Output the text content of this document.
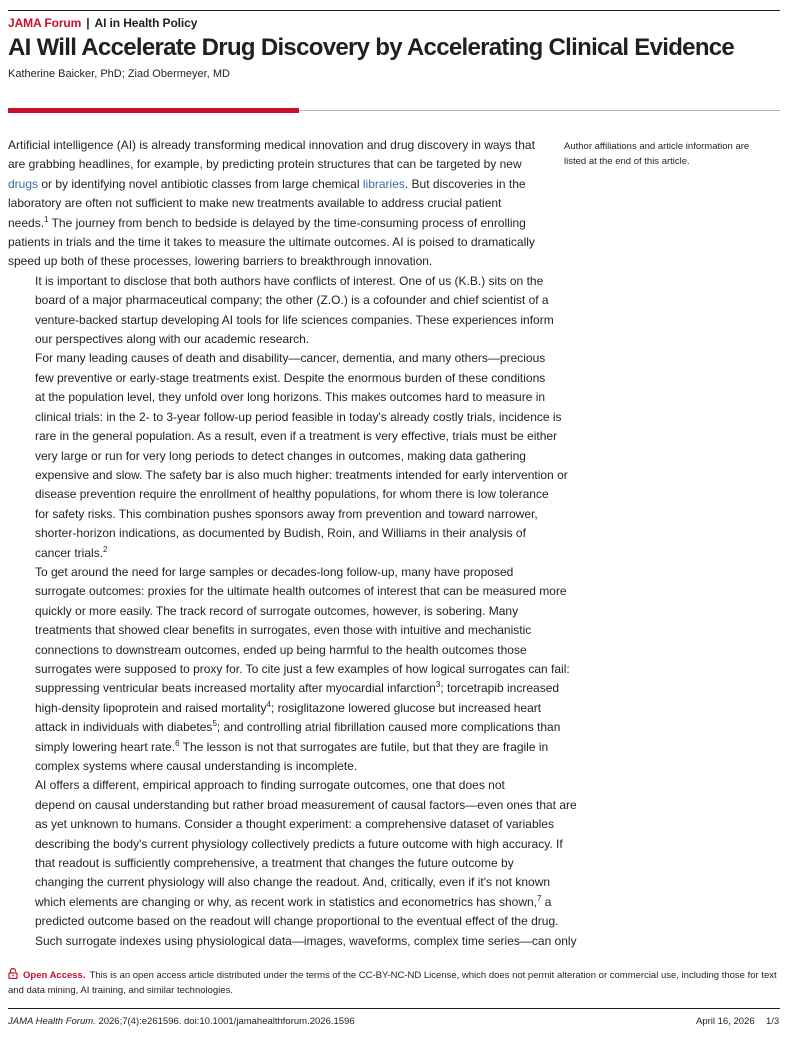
JAMA Forum | AI in Health Policy
AI Will Accelerate Drug Discovery by Accelerating Clinical Evidence
Katherine Baicker, PhD; Ziad Obermeyer, MD

Artificial intelligence (AI) is already transforming medical innovation and drug discovery in ways that
are grabbing headlines, for example, by predicting protein structures that can be targeted by new
drugs or by identifying novel antibiotic classes from large chemical libraries. But discoveries in the
laboratory are often not sufficient to make new treatments available to address crucial patient
needs.$^1$ The journey from bench to bedside is delayed by the time-consuming process of enrolling
patients in trials and the time it takes to measure the ultimate outcomes. AI is poised to dramatically
speed up both of these processes, lowering barriers to breakthrough innovation.

It is important to disclose that both authors have conflicts of interest. One of us (K.B.) sits on the
board of a major pharmaceutical company; the other (Z.O.) is a cofounder and chief scientist of a
venture-backed startup developing AI tools for life sciences companies. These experiences inform
our perspectives along with our academic research.

For many leading causes of death and disability—cancer, dementia, and many others—precious
few preventive or early-stage treatments exist. Despite the enormous burden of these conditions
at the population level, they unfold over long horizons. This makes outcomes hard to measure in
clinical trials: in the 2- to 3-year follow-up period feasible in today's already costly trials, incidence is
rare in the general population. As a result, even if a treatment is very effective, trials must be either
very large or run for very long periods to detect changes in outcomes, making data gathering
expensive and slow. The safety bar is also much higher: treatments intended for early intervention or
disease prevention require the enrollment of healthy populations, for whom there is low tolerance
for safety risks. This combination pushes sponsors away from prevention and toward narrower,
shorter-horizon indications, as documented by Budish, Roin, and Williams in their analysis of
cancer trials.$^2$

To get around the need for large samples or decades-long follow-up, many have proposed
surrogate outcomes: proxies for the ultimate health outcomes of interest that can be measured more
quickly or more easily. The track record of surrogate outcomes, however, is sobering. Many
treatments that showed clear benefits in surrogates, even those with intuitive and mechanistic
connections to downstream outcomes, ended up being harmful to the health outcomes those
surrogates were supposed to proxy for. To cite just a few examples of how logical surrogates can fail:
suppressing ventricular beats increased mortality after myocardial infarction$^3$; torcetrapib increased
high-density lipoprotein and raised mortality$^4$; rosiglitazone lowered glucose but increased heart
attack in individuals with diabetes$^5$; and controlling atrial fibrillation caused more complications than
simply lowering heart rate.$^6$ The lesson is not that surrogates are futile, but that they are fragile in
complex systems where causal understanding is incomplete.

AI offers a different, empirical approach to finding surrogate outcomes, one that does not
depend on causal understanding but rather broad measurement of causal factors—even ones that are
as yet unknown to humans. Consider a thought experiment: a comprehensive dataset of variables
describing the body's current physiology collectively predicts a future outcome with high accuracy. If
that readout is sufficiently comprehensive, a treatment that changes the future outcome by
changing the current physiology will also change the readout. And, critically, even if it's not known
which elements are changing or why, as recent work in statistics and econometrics has shown,$^7$ a
predicted outcome based on the readout will change proportional to the eventual effect of the drug.
Such surrogate indexes using physiological data—images, waveforms, complex time series—can only

Author affiliations and article information are
listed at the end of this article.
Open Access. This is an open access article distributed under the terms of the CC-BY-NC-ND License, which does not permit alteration or commercial use, including those for text
and data mining, AI training, and similar technologies.
JAMA Health Forum. 2026;7(4):e261596. doi:10.1001/jamahealthforum.2026.1596	April 16, 2026 1/3
